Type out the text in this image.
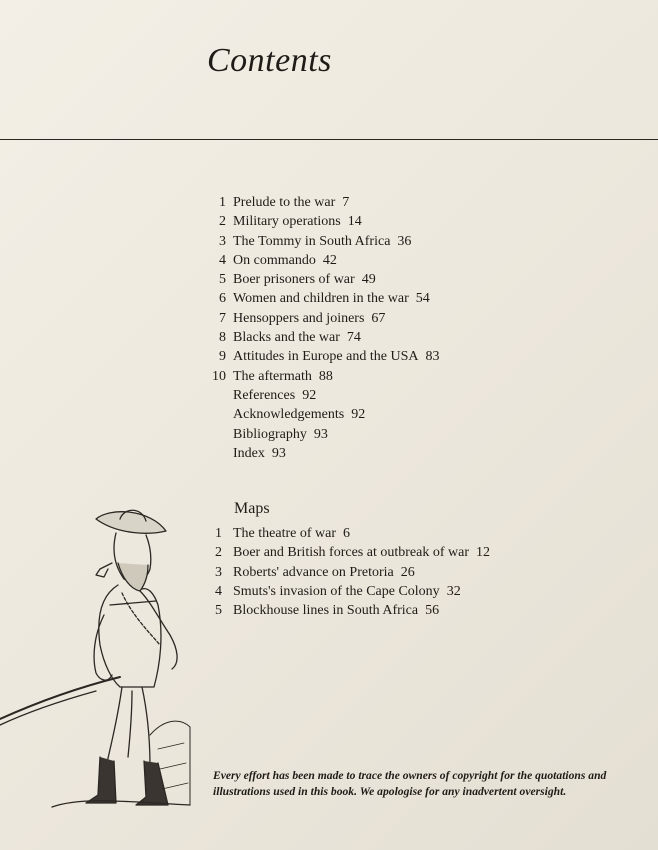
Contents
1 Prelude to the war 7
2 Military operations 14
3 The Tommy in South Africa 36
4 On commando 42
5 Boer prisoners of war 49
6 Women and children in the war 54
7 Hensoppers and joiners 67
8 Blacks and the war 74
9 Attitudes in Europe and the USA 83
10 The aftermath 88
References 92
Acknowledgements 92
Bibliography 93
Index 93
Maps
1 The theatre of war 6
2 Boer and British forces at outbreak of war 12
3 Roberts' advance on Pretoria 26
4 Smuts's invasion of the Cape Colony 32
5 Blockhouse lines in South Africa 56

Every effort has been made to trace the owners of copyright for the quotations and illustrations used in this book. We apologise for any inadvertent oversight.
